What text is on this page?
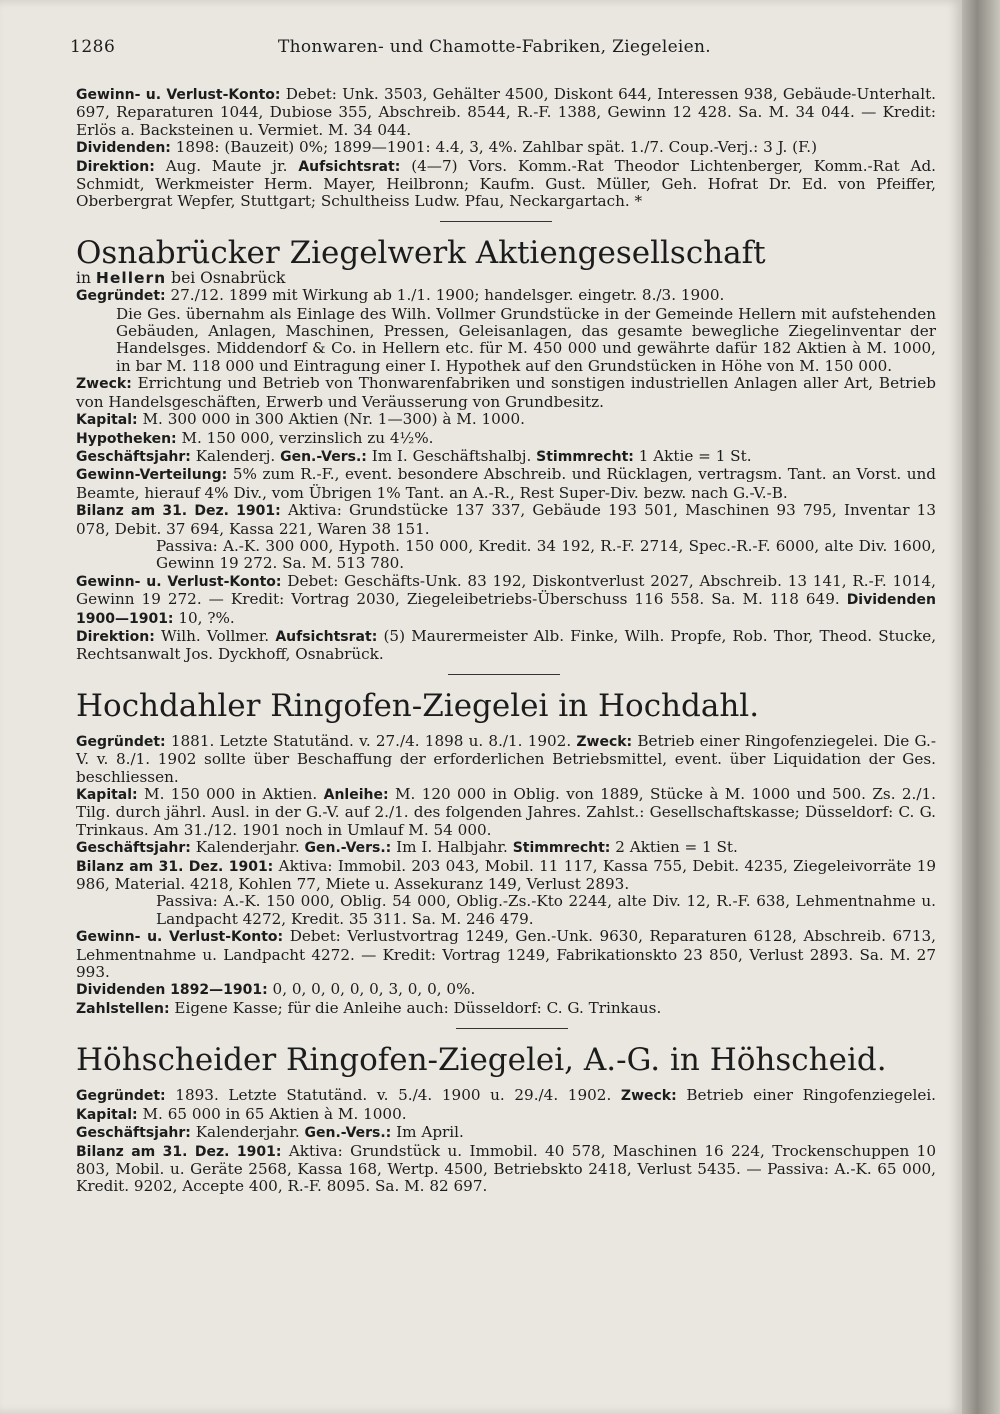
1286	Thonwaren- und Chamotte-Fabriken, Ziegeleien.

Gewinn- u. Verlust-Konto: Debet: Unk. 3503, Gehälter 4500, Diskont 644, Interessen 938, Gebäude-Unterhalt. 697, Reparaturen 1044, Dubiose 355, Abschreib. 8544, R.-F. 1388, Gewinn 12 428. Sa. M. 34 044. — Kredit: Erlös a. Backsteinen u. Vermiet. M. 34 044.

Dividenden: 1898: (Bauzeit) 0%; 1899—1901: 4.4, 3, 4%. Zahlbar spät. 1./7. Coup.-Verj.: 3 J. (F.)

Direktion: Aug. Maute jr. Aufsichtsrat: (4—7) Vors. Komm.-Rat Theodor Lichtenberger, Komm.-Rat Ad. Schmidt, Werkmeister Herm. Mayer, Heilbronn; Kaufm. Gust. Müller, Geh. Hofrat Dr. Ed. von Pfeiffer, Oberbergrat Wepfer, Stuttgart; Schultheiss Ludw. Pfau, Neckargartach. *

Osnabrücker Ziegelwerk Aktiengesellschaft

in Hellern bei Osnabrück

Gegründet: 27./12. 1899 mit Wirkung ab 1./1. 1900; handelsger. eingetr. 8./3. 1900.

Die Ges. übernahm als Einlage des Wilh. Vollmer Grundstücke in der Gemeinde Hellern mit aufstehenden Gebäuden, Anlagen, Maschinen, Pressen, Geleisanlagen, das gesamte bewegliche Ziegelinventar der Handelsges. Middendorf & Co. in Hellern etc. für M. 450 000 und gewährte dafür 182 Aktien à M. 1000, in bar M. 118 000 und Eintragung einer I. Hypothek auf den Grundstücken in Höhe von M. 150 000.

Zweck: Errichtung und Betrieb von Thonwarenfabriken und sonstigen industriellen Anlagen aller Art, Betrieb von Handelsgeschäften, Erwerb und Veräusserung von Grundbesitz.

Kapital: M. 300 000 in 300 Aktien (Nr. 1—300) à M. 1000.

Hypotheken: M. 150 000, verzinslich zu 4½%.

Geschäftsjahr: Kalenderj. Gen.-Vers.: Im I. Geschäftshalbj. Stimmrecht: 1 Aktie = 1 St.

Gewinn-Verteilung: 5% zum R.-F., event. besondere Abschreib. und Rücklagen, vertragsm. Tant. an Vorst. und Beamte, hierauf 4% Div., vom Übrigen 1% Tant. an A.-R., Rest Super-Div. bezw. nach G.-V.-B.

Bilanz am 31. Dez. 1901: Aktiva: Grundstücke 137 337, Gebäude 193 501, Maschinen 93 795, Inventar 13 078, Debit. 37 694, Kassa 221, Waren 38 151.

Passiva: A.-K. 300 000, Hypoth. 150 000, Kredit. 34 192, R.-F. 2714, Spec.-R.-F. 6000, alte Div. 1600, Gewinn 19 272. Sa. M. 513 780.

Gewinn- u. Verlust-Konto: Debet: Geschäfts-Unk. 83 192, Diskontverlust 2027, Abschreib. 13 141, R.-F. 1014, Gewinn 19 272. — Kredit: Vortrag 2030, Ziegeleibetriebs-Überschuss 116 558. Sa. M. 118 649. Dividenden 1900—1901: 10, ?%.

Direktion: Wilh. Vollmer. Aufsichtsrat: (5) Maurermeister Alb. Finke, Wilh. Propfe, Rob. Thor, Theod. Stucke, Rechtsanwalt Jos. Dyckhoff, Osnabrück.

Hochdahler Ringofen-Ziegelei in Hochdahl.

Gegründet: 1881. Letzte Statutänd. v. 27./4. 1898 u. 8./1. 1902. Zweck: Betrieb einer Ringofenziegelei. Die G.-V. v. 8./1. 1902 sollte über Beschaffung der erforderlichen Betriebsmittel, event. über Liquidation der Ges. beschliessen.

Kapital: M. 150 000 in Aktien. Anleihe: M. 120 000 in Oblig. von 1889, Stücke à M. 1000 und 500. Zs. 2./1. Tilg. durch jährl. Ausl. in der G.-V. auf 2./1. des folgenden Jahres. Zahlst.: Gesellschaftskasse; Düsseldorf: C. G. Trinkaus. Am 31./12. 1901 noch in Umlauf M. 54 000.

Geschäftsjahr: Kalenderjahr. Gen.-Vers.: Im I. Halbjahr. Stimmrecht: 2 Aktien = 1 St.

Bilanz am 31. Dez. 1901: Aktiva: Immobil. 203 043, Mobil. 11 117, Kassa 755, Debit. 4235, Ziegeleivorräte 19 986, Material. 4218, Kohlen 77, Miete u. Assekuranz 149, Verlust 2893.

Passiva: A.-K. 150 000, Oblig. 54 000, Oblig.-Zs.-Kto 2244, alte Div. 12, R.-F. 638, Lehmentnahme u. Landpacht 4272, Kredit. 35 311. Sa. M. 246 479.

Gewinn- u. Verlust-Konto: Debet: Verlustvortrag 1249, Gen.-Unk. 9630, Reparaturen 6128, Abschreib. 6713, Lehmentnahme u. Landpacht 4272. — Kredit: Vortrag 1249, Fabrikationskto 23 850, Verlust 2893. Sa. M. 27 993.

Dividenden 1892—1901: 0, 0, 0, 0, 0, 0, 3, 0, 0, 0%.

Zahlstellen: Eigene Kasse; für die Anleihe auch: Düsseldorf: C. G. Trinkaus.

Höhscheider Ringofen-Ziegelei, A.-G. in Höhscheid.

Gegründet: 1893. Letzte Statutänd. v. 5./4. 1900 u. 29./4. 1902. Zweck: Betrieb einer Ringofenziegelei. Kapital: M. 65 000 in 65 Aktien à M. 1000.

Geschäftsjahr: Kalenderjahr. Gen.-Vers.: Im April.

Bilanz am 31. Dez. 1901: Aktiva: Grundstück u. Immobil. 40 578, Maschinen 16 224, Trockenschuppen 10 803, Mobil. u. Geräte 2568, Kassa 168, Wertp. 4500, Betriebskto 2418, Verlust 5435. — Passiva: A.-K. 65 000, Kredit. 9202, Accepte 400, R.-F. 8095. Sa. M. 82 697.
